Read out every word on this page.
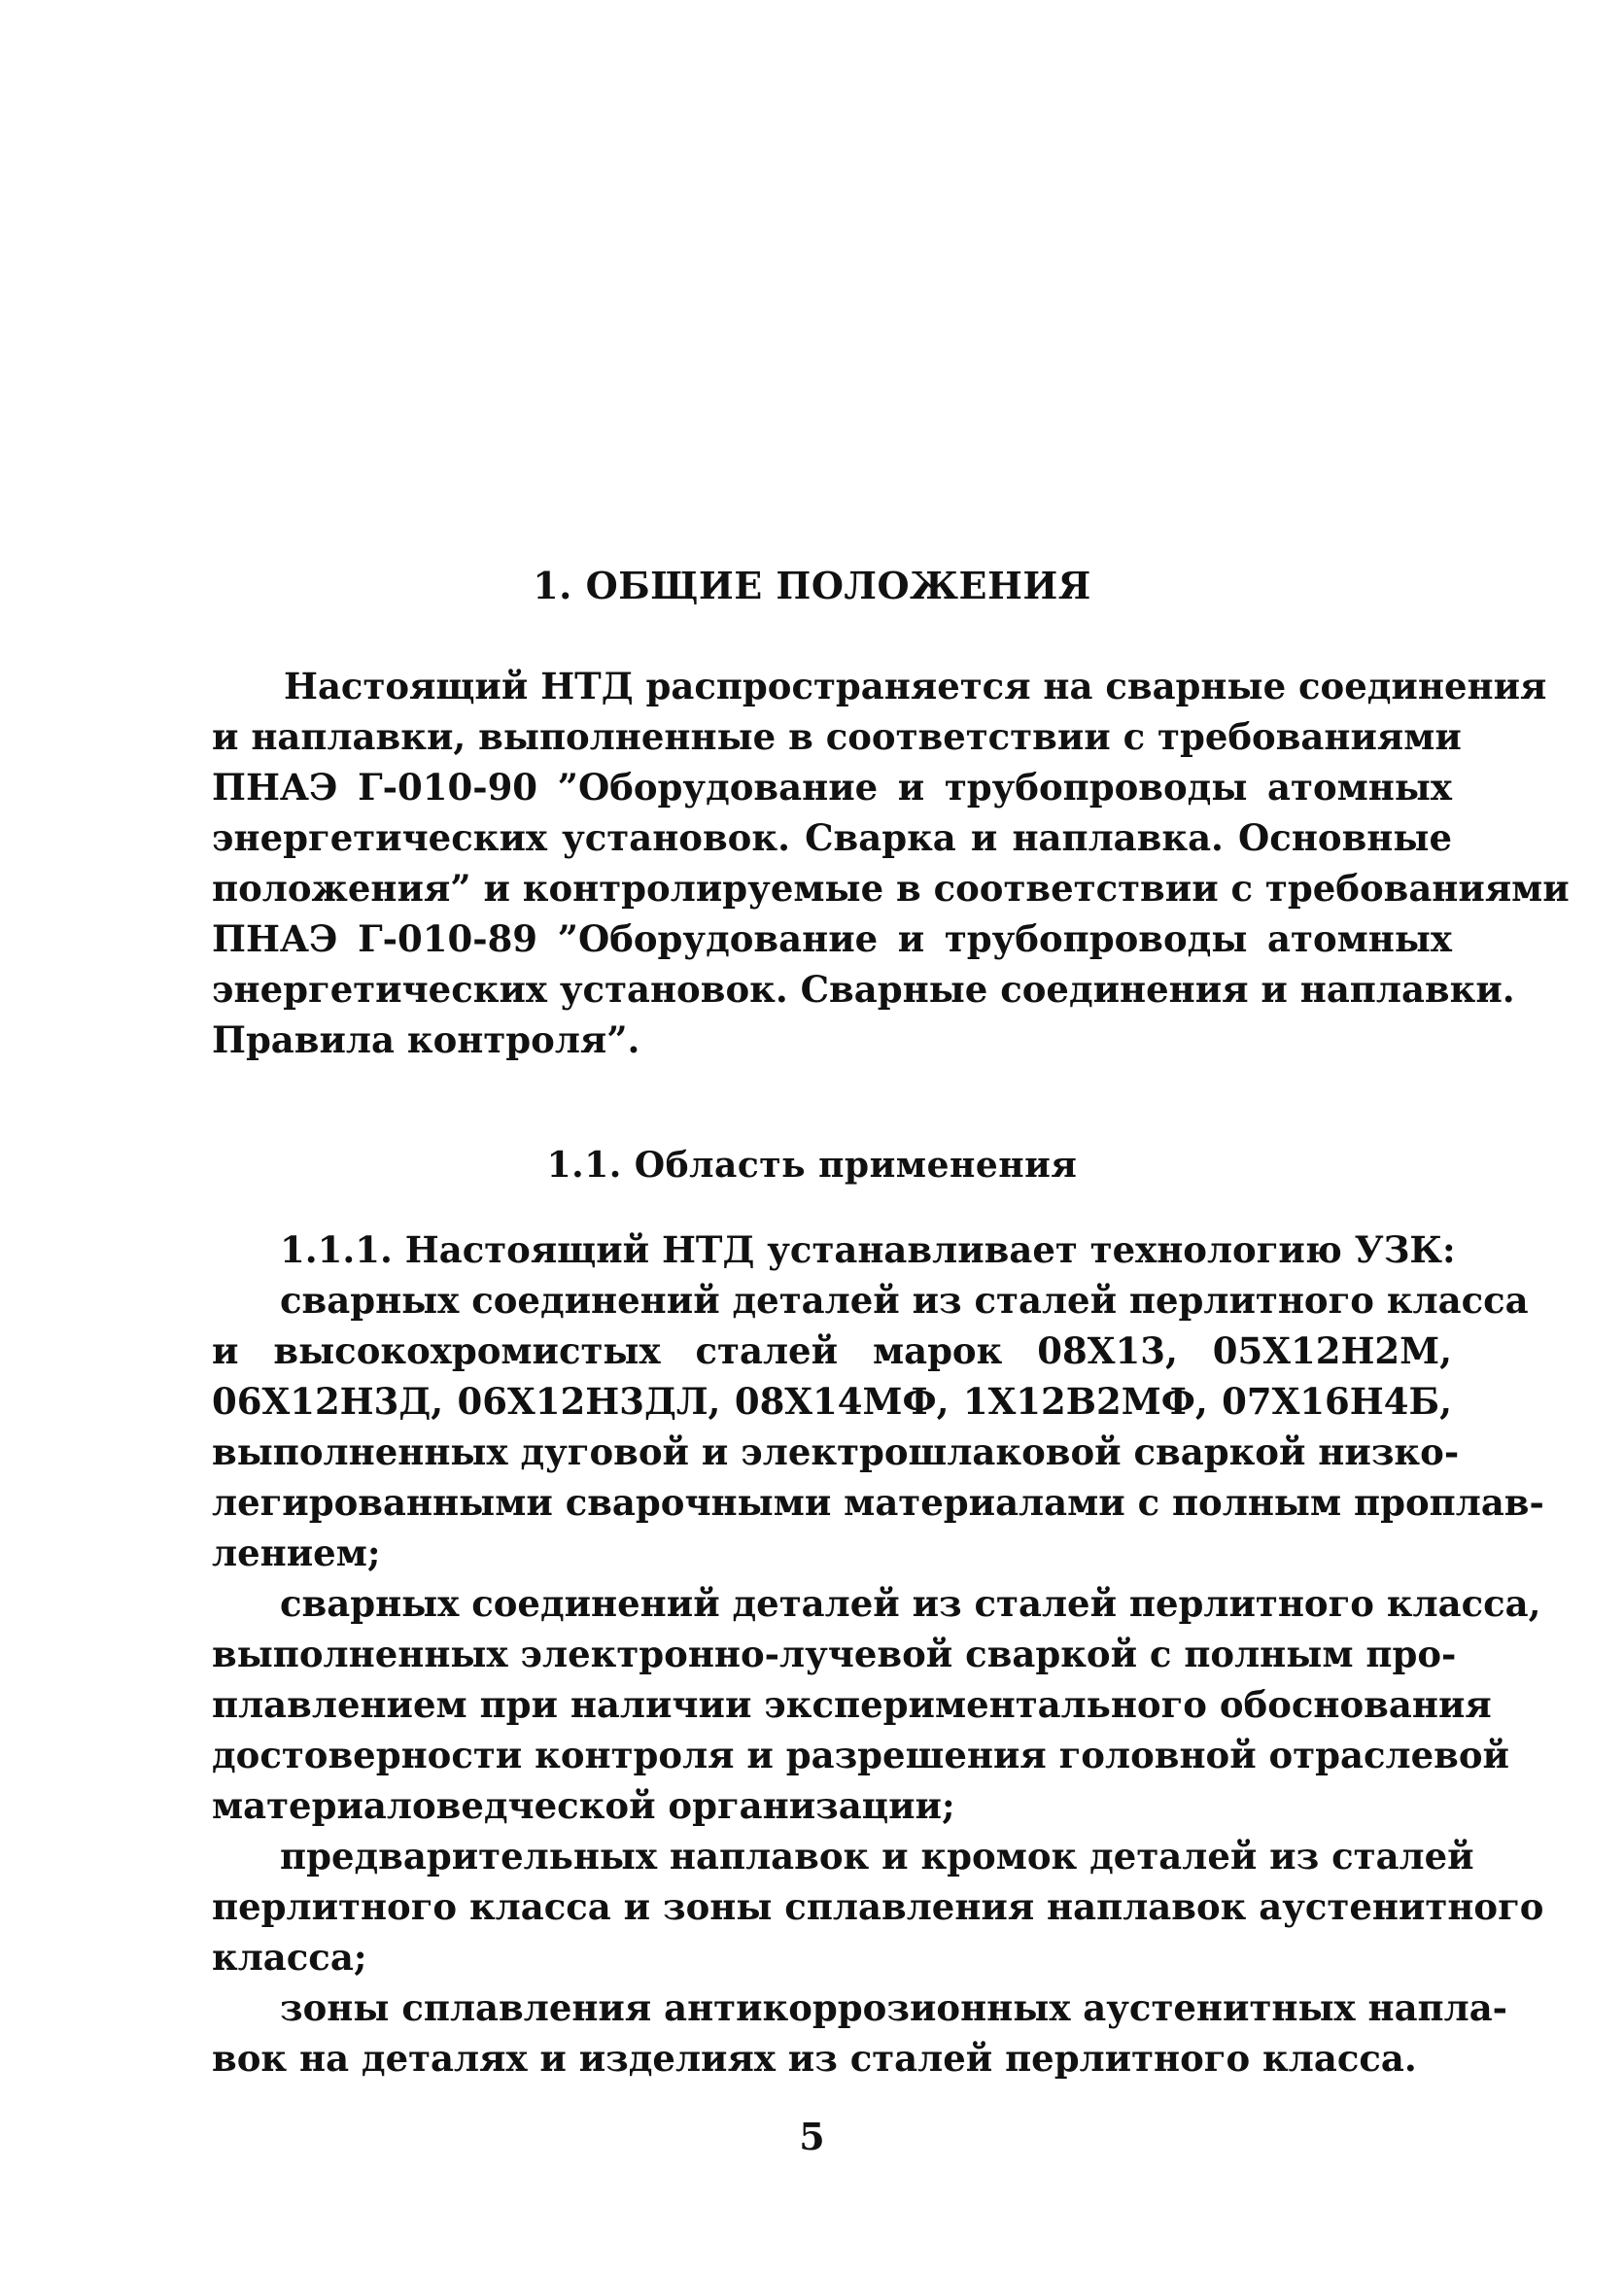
1. ОБЩИЕ ПОЛОЖЕНИЯ
Настоящий НТД распространяется на сварные соединения
и наплавки, выполненные в соответствии с требованиями
ПНАЭ Г-010-90 ”Оборудование и трубопроводы атомных
энергетических установок. Сварка и наплавка. Основные
положения” и контролируемые в соответствии с требованиями
ПНАЭ Г-010-89 ”Оборудование и трубопроводы атомных
энергетических установок. Сварные соединения и наплавки.
Правила контроля”.
1.1. Область применения
1.1.1. Настоящий НТД устанавливает технологию УЗК:
сварных соединений деталей из сталей перлитного класса
и высокохромистых сталей марок 08Х13, 05Х12Н2М,
06Х12Н3Д, 06Х12Н3ДЛ, 08Х14МФ, 1Х12В2МФ, 07Х16Н4Б,
выполненных дуговой и электрошлаковой сваркой низко-
легированными сварочными материалами с полным проплав-
лением;
сварных соединений деталей из сталей перлитного класса,
выполненных электронно-лучевой сваркой с полным про-
плавлением при наличии экспериментального обоснования
достоверности контроля и разрешения головной отраслевой
материаловедческой организации;
предварительных наплавок и кромок деталей из сталей
перлитного класса и зоны сплавления наплавок аустенитного
класса;
зоны сплавления антикоррозионных аустенитных напла-
вок на деталях и изделиях из сталей перлитного класса.
5
